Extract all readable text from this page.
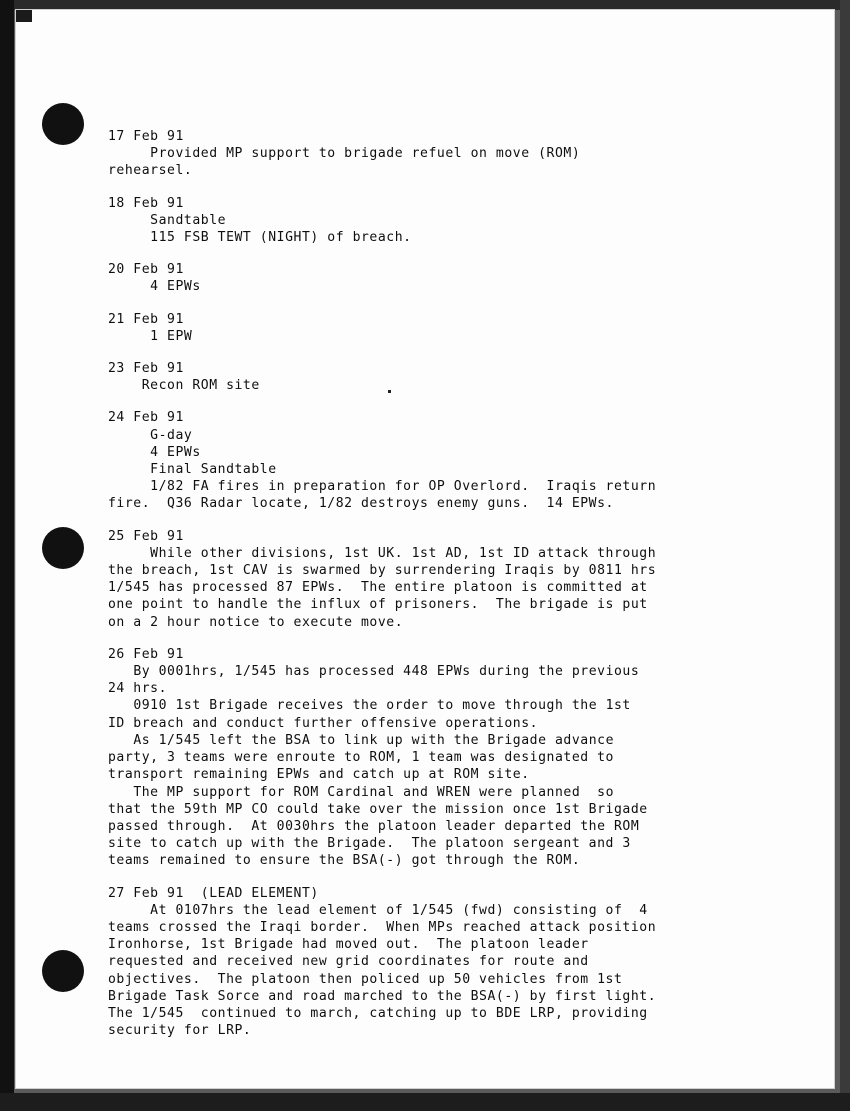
17 Feb 91

Provided MP support to brigade refuel on move (ROM)

rehearsel.

18 Feb 91

Sandtable

115 FSB TEWT (NIGHT) of breach.

20 Feb 91

4 EPWs

21 Feb 91

1 EPW

23 Feb 91

Recon ROM site

24 Feb 91

G-day

4 EPWs

Final Sandtable

1/82 FA fires in preparation for OP Overlord.  Iraqis return

fire.  Q36 Radar locate, 1/82 destroys enemy guns.  14 EPWs.

25 Feb 91

While other divisions, 1st UK. 1st AD, 1st ID attack through

the breach, 1st CAV is swarmed by surrendering Iraqis by 0811 hrs

1/545 has processed 87 EPWs.  The entire platoon is committed at

one point to handle the influx of prisoners.  The brigade is put

on a 2 hour notice to execute move.

26 Feb 91

By 0001hrs, 1/545 has processed 448 EPWs during the previous

24 hrs.

0910 1st Brigade receives the order to move through the 1st

ID breach and conduct further offensive operations.

As 1/545 left the BSA to link up with the Brigade advance

party, 3 teams were enroute to ROM, 1 team was designated to

transport remaining EPWs and catch up at ROM site.

The MP support for ROM Cardinal and WREN were planned  so

that the 59th MP CO could take over the mission once 1st Brigade

passed through.  At 0030hrs the platoon leader departed the ROM

site to catch up with the Brigade.  The platoon sergeant and 3

teams remained to ensure the BSA(-) got through the ROM.

27 Feb 91  (LEAD ELEMENT)

At 0107hrs the lead element of 1/545 (fwd) consisting of  4

teams crossed the Iraqi border.  When MPs reached attack position

Ironhorse, 1st Brigade had moved out.  The platoon leader

requested and received new grid coordinates for route and

objectives.  The platoon then policed up 50 vehicles from 1st

Brigade Task Sorce and road marched to the BSA(-) by first light.

The 1/545  continued to march, catching up to BDE LRP, providing

security for LRP.
